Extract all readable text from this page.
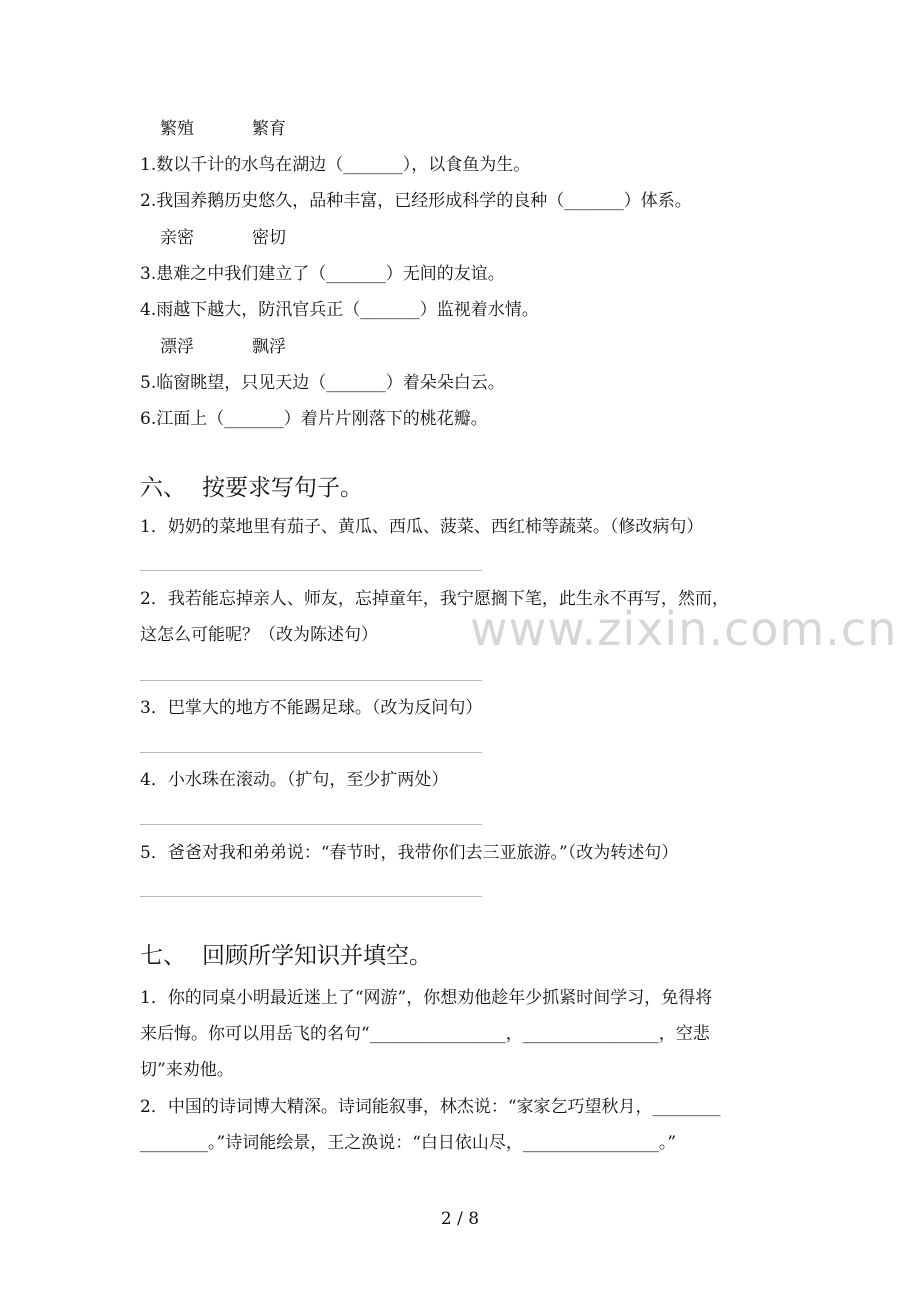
繁殖	繁育
1.数以千计的水鸟在湖边（_______），以食鱼为生。
2.我国养鹅历史悠久，品种丰富，已经形成科学的良种（_______）体系。
亲密	密切
3.患难之中我们建立了（_______）无间的友谊。
4.雨越下越大，防汛官兵正（_______）监视着水情。
漂浮	飘浮
5.临窗眺望，只见天边（_______）着朵朵白云。
6.江面上（_______）着片片刚落下的桃花瓣。
六、 按要求写句子。
1．奶奶的菜地里有茄子、黄瓜、西瓜、菠菜、西红柿等蔬菜。（修改病句）
2．我若能忘掉亲人、师友，忘掉童年，我宁愿搁下笔，此生永不再写，然而，
这怎么可能呢？（改为陈述句）
3．巴掌大的地方不能踢足球。（改为反问句）
4．小水珠在滚动。（扩句，至少扩两处）
5．爸爸对我和弟弟说：“春节时，我带你们去三亚旅游。”（改为转述句）
七、 回顾所学知识并填空。
1．你的同桌小明最近迷上了“网游”，你想劝他趁年少抓紧时间学习，免得将
来后悔。你可以用岳飞的名句“________________，________________，空悲
切”来劝他。
2．中国的诗词博大精深。诗词能叙事，林杰说：“家家乞巧望秋月，________
________。”诗词能绘景，王之涣说：“白日依山尽，________________。”
www.zixin.com.cn
2 / 8
